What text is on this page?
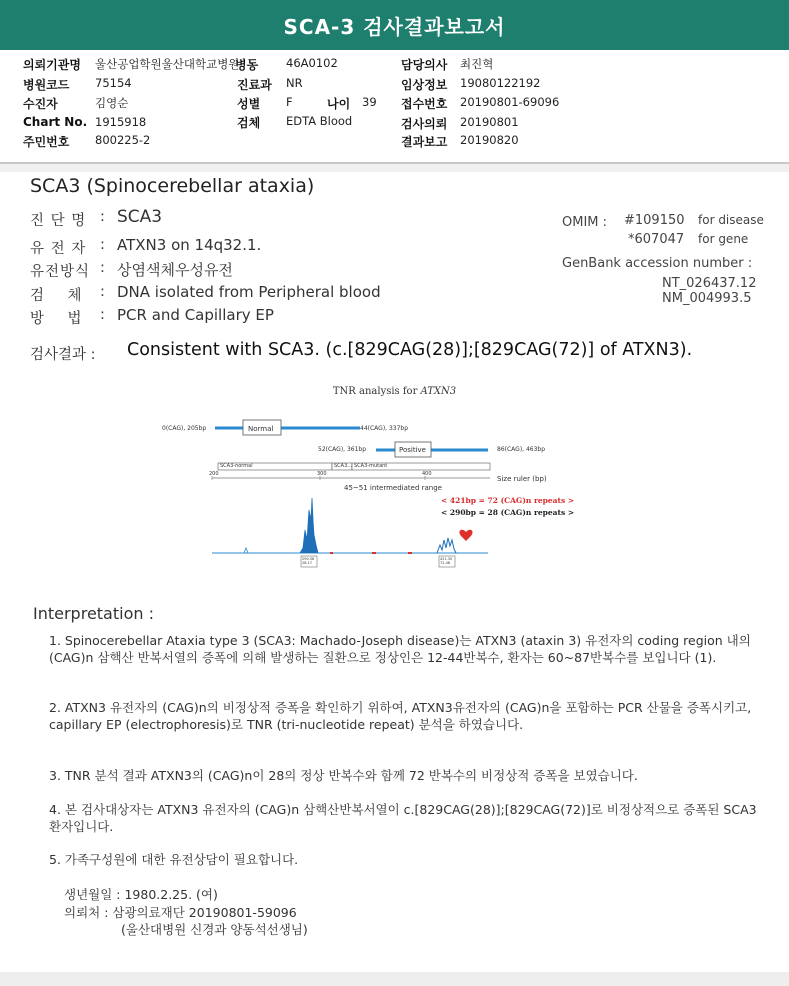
SCA-3 검사결과보고서
의뢰기관명 울산공업학원울산대학교병원
병동 46A0102	담당의사 최진혁
병원코드 75154	진료과 NR	임상정보 19080122192
수진자	김영순	성별 F	나이 39 접수번호 20190801-69096
Chart No. 1915918	검체 EDTA Blood	검사의뢰 20190801
주민번호 800225-2	결과보고 20190820
SCA3 (Spinocerebellar ataxia)
진 단 명 : SCA3
유 전 자 : ATXN3 on 14q32.1.
유전방식 : 상염색체우성유전
검    체 : DNA isolated from Peripheral blood
방    법 : PCR and Capillary EP
OMIM : #109150 for disease
*607047 for gene
GenBank accession number :
NT_026437.12
NM_004993.5
검사결과 : Consistent with SCA3. (c.[829CAG(28)];[829CAG(72)] of ATXN3).
TNR analysis for ATXN3
0(CAG), 205bp	Normal	44(CAG), 337bp
52(CAG), 361bp	Positive	86(CAG), 463bp
SCA3-normal	SCA3... SCA3-mutant
200	300	400
Size ruler (bp)
45~51 intermediated range
< 421bp = 72 (CAG)n repeats >
< 290bp = 28 (CAG)n repeats >
290.38
28.17
421.30
72.48
Interpretation :
1. Spinocerebellar Ataxia type 3 (SCA3: Machado-Joseph disease)는 ATXN3 (ataxin 3) 유전자의 coding region 내의 (CAG)n 삼핵산 반복서열의 증폭에 의해 발생하는 질환으로 정상인은 12-44반복수, 환자는 60~87반복수를 보입니다 (1).
2. ATXN3 유전자의 (CAG)n의 비정상적 증폭을 확인하기 위하여, ATXN3유전자의 (CAG)n을 포함하는 PCR 산물을 증폭시키고, capillary EP (electrophoresis)로 TNR (tri-nucleotide repeat) 분석을 하였습니다.
3. TNR 분석 결과 ATXN3의 (CAG)n이 28의 정상 반복수와 함께 72 반복수의 비정상적 증폭을 보였습니다.
4. 본 검사대상자는 ATXN3 유전자의 (CAG)n 삼핵산반복서열이 c.[829CAG(28)];[829CAG(72)]로 비정상적으로 증폭된 SCA3 환자입니다.
5. 가족구성원에 대한 유전상담이 필요합니다.
생년월일 : 1980.2.25. (여)
의뢰처 : 삼광의료재단 20190801-59096
(울산대병원 신경과 양동석선생님)
